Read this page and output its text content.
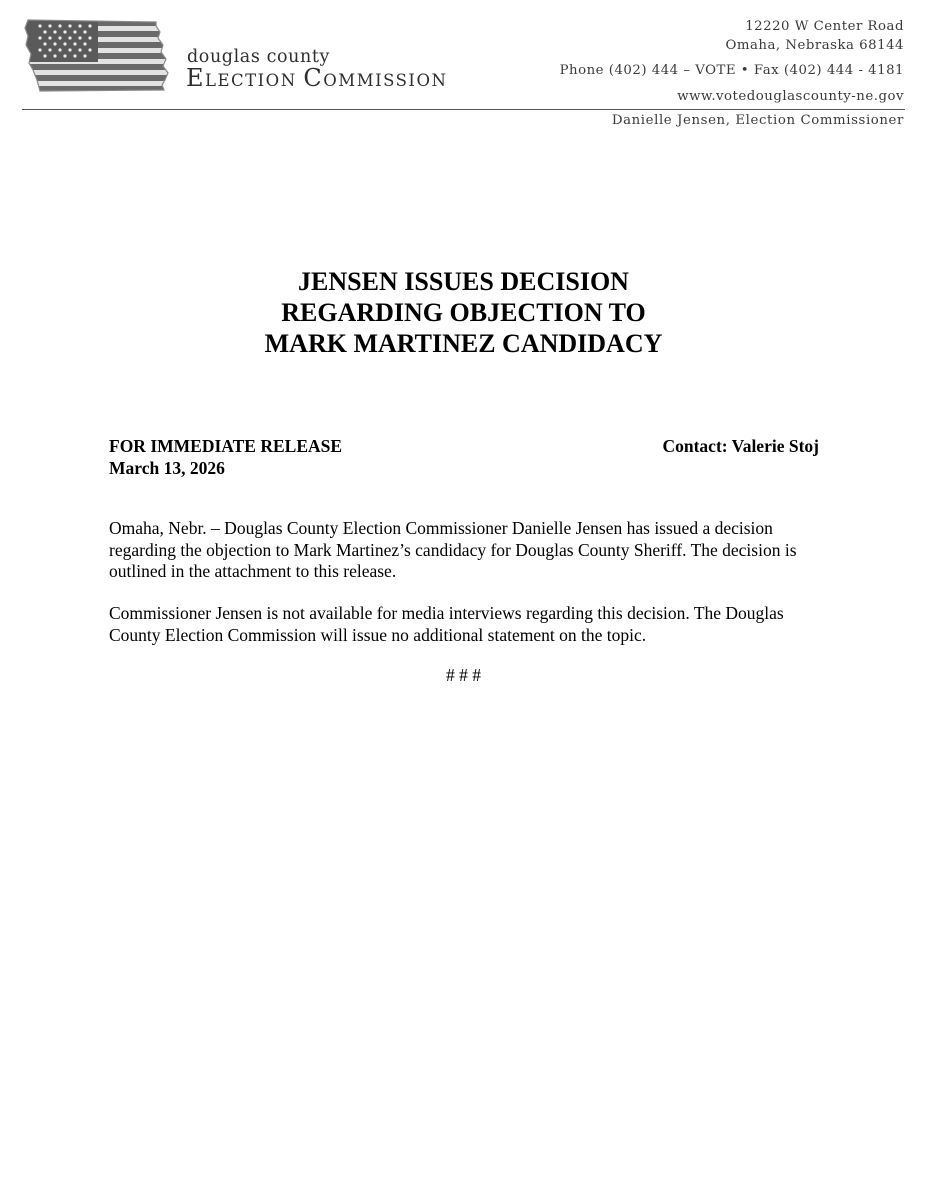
douglas county
ELECTION COMMISSION
12220 W Center Road
Omaha, Nebraska 68144
Phone (402) 444 – VOTE • Fax (402) 444 - 4181
www.votedouglascounty-ne.gov
Danielle Jensen, Election Commissioner
JENSEN ISSUES DECISION
REGARDING OBJECTION TO
MARK MARTINEZ CANDIDACY
FOR IMMEDIATE RELEASE
March 13, 2026
Contact: Valerie Stoj
Omaha, Nebr. – Douglas County Election Commissioner Danielle Jensen has issued a decision regarding the objection to Mark Martinez’s candidacy for Douglas County Sheriff. The decision is outlined in the attachment to this release.
Commissioner Jensen is not available for media interviews regarding this decision. The Douglas County Election Commission will issue no additional statement on the topic.
# # #
